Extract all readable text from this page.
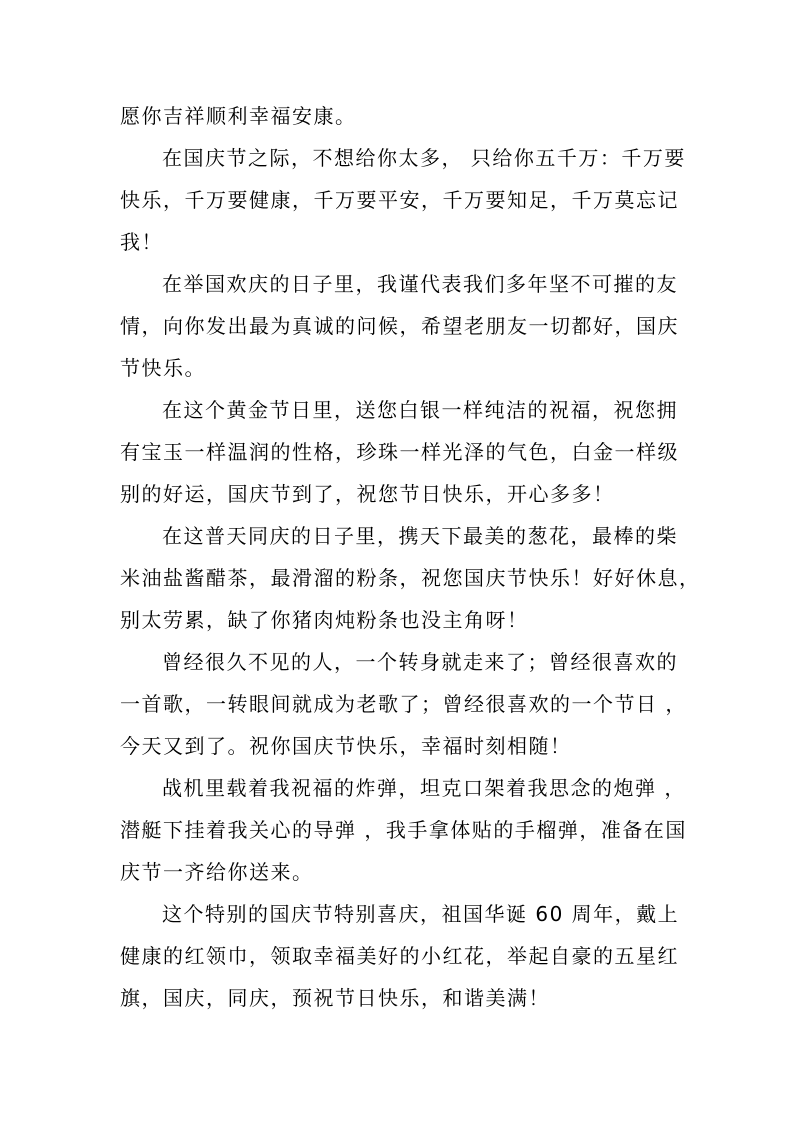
愿你吉祥顺利幸福安康。
在国庆节之际，不想给你太多， 只给你五千万：千万要
快乐，千万要健康，千万要平安，千万要知足，千万莫忘记
我！
在举国欢庆的日子里，我谨代表我们多年坚不可摧的友
情，向你发出最为真诚的问候，希望老朋友一切都好，国庆
节快乐。
在这个黄金节日里，送您白银一样纯洁的祝福，祝您拥
有宝玉一样温润的性格，珍珠一样光泽的气色，白金一样级
别的好运，国庆节到了，祝您节日快乐，开心多多！
在这普天同庆的日子里，携天下最美的葱花，最棒的柴
米油盐酱醋茶，最滑溜的粉条，祝您国庆节快乐！好好休息，
别太劳累，缺了你猪肉炖粉条也没主角呀！
曾经很久不见的人，一个转身就走来了；曾经很喜欢的
一首歌，一转眼间就成为老歌了；曾经很喜欢的一个节日 ，
今天又到了。祝你国庆节快乐，幸福时刻相随！
战机里载着我祝福的炸弹，坦克口架着我思念的炮弹 ，
潜艇下挂着我关心的导弹 ，我手拿体贴的手榴弹，准备在国
庆节一齐给你送来。
这个特别的国庆节特别喜庆，祖国华诞 60 周年，戴上
健康的红领巾，领取幸福美好的小红花，举起自豪的五星红
旗，国庆，同庆，预祝节日快乐，和谐美满！
